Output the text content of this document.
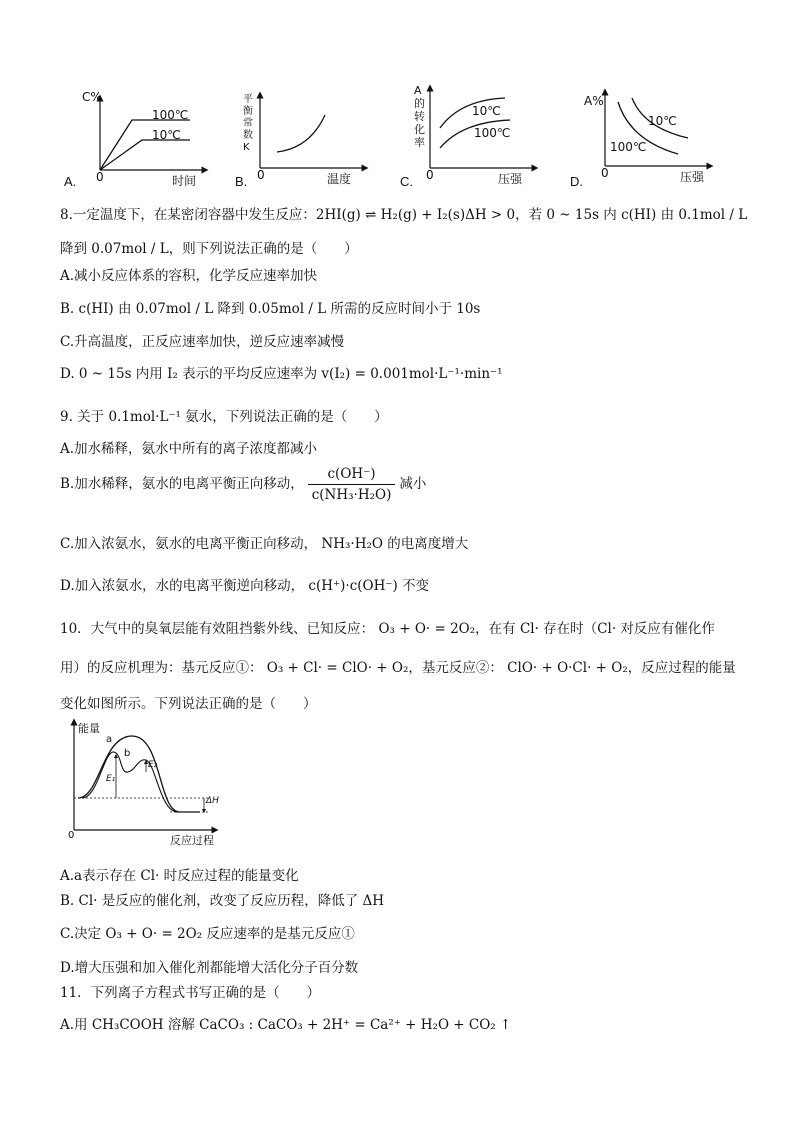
C%
100℃
10℃
0	时间
A.
平衡常数K
0	温度
B.
A的转化率
10℃
100℃
0	压强
C.
A%
10℃
100℃
0	压强
D.
8.一定温度下，在某密闭容器中发生反应：2HI(g) ⇌ H₂(g) + I₂(s)ΔH > 0，若 0 ~ 15s 内 c(HI) 由 0.1mol / L
降到 0.07mol / L，则下列说法正确的是（　　）
A.减小反应体系的容积，化学反应速率加快
B. c(HI) 由 0.07mol / L 降到 0.05mol / L 所需的反应时间小于 10s
C.升高温度，正反应速率加快，逆反应速率减慢
D. 0 ~ 15s 内用 I₂ 表示的平均反应速率为 v(I₂) = 0.001mol·L⁻¹·min⁻¹
9. 关于 0.1mol·L⁻¹ 氨水，下列说法正确的是（　　）
A.加水稀释，氨水中所有的离子浓度都减小
B.加水稀释，氨水的电离平衡正向移动， $\frac{c(OH^-)}{\text{c(NH₃·H₂O)}}$ 减小
C.加入浓氨水，氨水的电离平衡正向移动， NH₃·H₂O 的电离度增大
D.加入浓氨水，水的电离平衡逆向移动， c(H⁺)·c(OH⁻) 不变
10．大气中的臭氧层能有效阻挡紫外线、已知反应： O₃ + O· = 2O₂，在有 Cl· 存在时（Cl· 对反应有催化作
用）的反应机理为：基元反应①： O₃ + Cl· = ClO· + O₂，基元反应②： ClO· + O·Cl· + O₂，反应过程的能量
变化如图所示。下列说法正确的是（　　）
能量
a
b
E₁
E₂
ΔH
0	反应过程
A.a表示存在 Cl· 时反应过程的能量变化
B. Cl· 是反应的催化剂，改变了反应历程，降低了 ΔH
C.决定 O₃ + O· = 2O₂ 反应速率的是基元反应①
D.增大压强和加入催化剂都能增大活化分子百分数
11．下列离子方程式书写正确的是（　　）
A.用 CH₃COOH 溶解 CaCO₃ : CaCO₃ + 2H⁺ = Ca²⁺ + H₂O + CO₂ ↑
